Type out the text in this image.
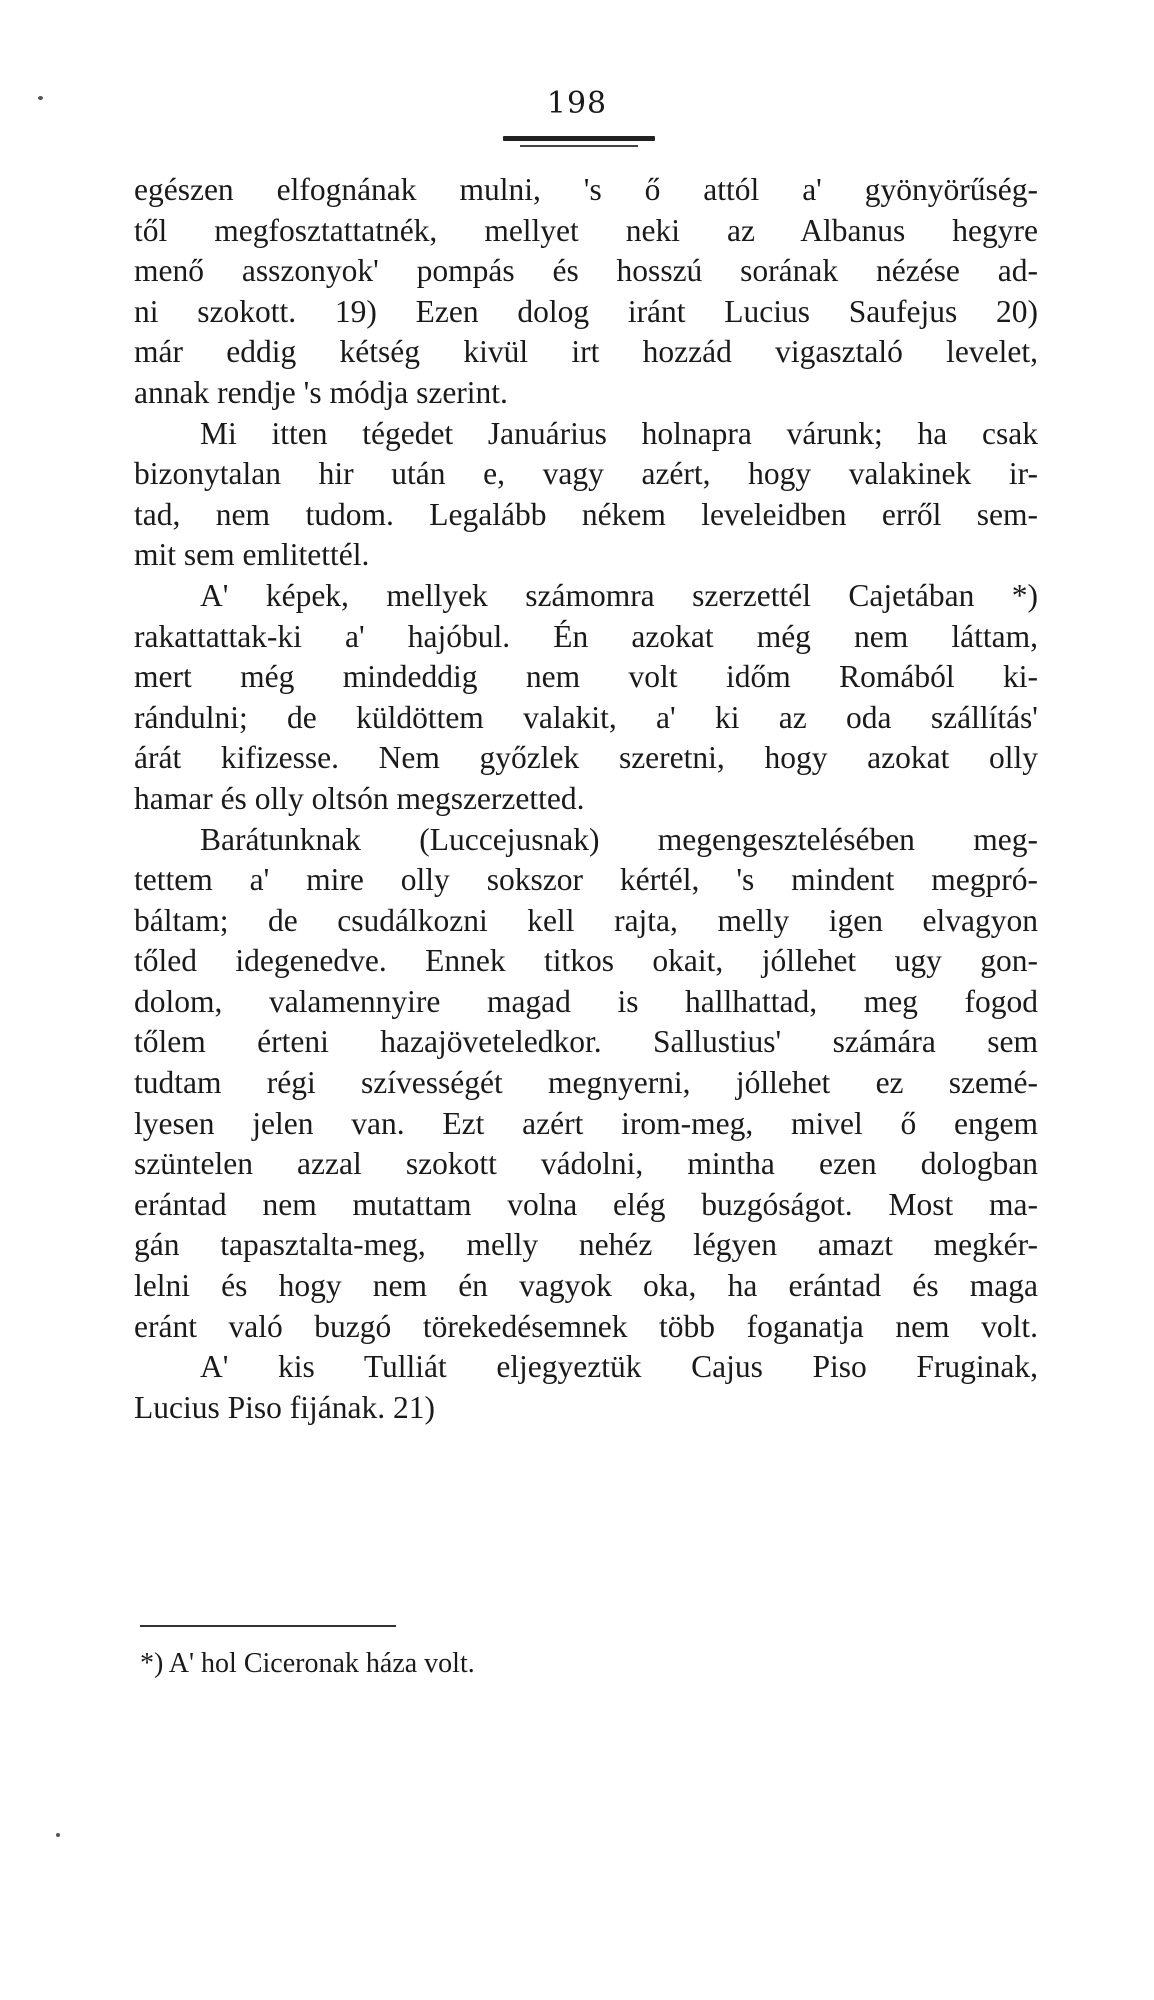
198
egészen elfognának mulni, 's ő attól a' gyönyörűség-
től megfosztattatnék, mellyet neki az Albanus hegyre
menő asszonyok' pompás és hosszú sorának nézése ad-
ni szokott. 19) Ezen dolog iránt Lucius Saufejus 20)
már eddig kétség kivül irt hozzád vigasztaló levelet,
annak rendje 's módja szerint.
Mi itten tégedet Januárius holnapra várunk; ha csak
bizonytalan hir után e, vagy azért, hogy valakinek ir-
tad, nem tudom. Legalább nékem leveleidben erről sem-
mit sem emlitettél.
A' képek, mellyek számomra szerzettél Cajetában *)
rakattattak-ki a' hajóbul. Én azokat még nem láttam,
mert még mindeddig nem volt időm Romából ki-
rándulni; de küldöttem valakit, a' ki az oda szállítás'
árát kifizesse. Nem győzlek szeretni, hogy azokat olly
hamar és olly oltsón megszerzetted.
Barátunknak (Luccejusnak) megengesztelésében meg-
tettem a' mire olly sokszor kértél, 's mindent megpró-
báltam; de csudálkozni kell rajta, melly igen elvagyon
tőled idegenedve. Ennek titkos okait, jóllehet ugy gon-
dolom, valamennyire magad is hallhattad, meg fogod
tőlem érteni hazajöveteledkor. Sallustius' számára sem
tudtam régi szívességét megnyerni, jóllehet ez szemé-
lyesen jelen van. Ezt azért irom-meg, mivel ő engem
szüntelen azzal szokott vádolni, mintha ezen dologban
erántad nem mutattam volna elég buzgóságot. Most ma-
gán tapasztalta-meg, melly nehéz légyen amazt megkér-
lelni és hogy nem én vagyok oka, ha erántad és maga
eránt való buzgó törekedésemnek több foganatja nem volt.
A' kis Tulliát eljegyeztük Cajus Piso Fruginak,
Lucius Piso fijának. 21)
*) A' hol Ciceronak háza volt.
